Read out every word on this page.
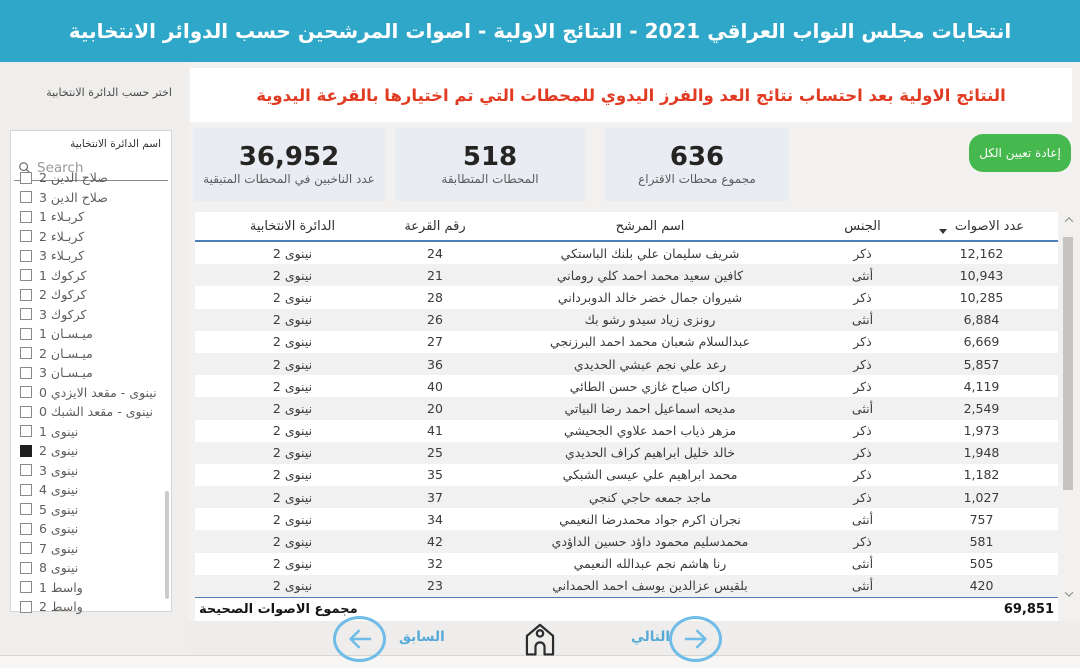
انتخابات مجلس النواب العراقي 2021 - النتائج الاولية - اصوات المرشحين حسب الدوائر الانتخابية
اختر حسب الدائرة الانتخابية
اسم الدائرة الانتخابية
Search
صلاح الدين 2
صلاح الدين 3
كربـلاء 1
كربـلاء 2
كربـلاء 3
كركوك 1
كركوك 2
كركوك 3
ميـسـان 1
ميـسـان 2
ميـسـان 3
نينوى - مقعد الايزدي 0
نينوى - مقعد الشبك 0
نينوى 1
نينوى 2
نينوى 3
نينوى 4
نينوى 5
نينوى 6
نينوى 7
نينوى 8
واسط 1
واسط 2
النتائج الاولية بعد احتساب نتائج العد والفرز اليدوي للمحطات التي تم اختيارها بالقرعة اليدوية
36,952
عدد الناخبين في المحطات المتبقية
518
المحطات المتطابقة
636
مجموع محطات الاقتراع
إعادة تعيين الكل
الدائرة الانتخابية	رقم القرعة	اسم المرشح	الجنس	عدد الاصوات
نينوى 2	24	شريف سليمان علي بلنك الباستكي	ذكر	12,162
نينوى 2	21	كافين سعيد محمد احمد كلي روماني	أنثى	10,943
نينوى 2	28	شيروان جمال خضر خالد الدوبرداني	ذكر	10,285
نينوى 2	26	رونزى زياد سيدو رشو بك	أنثى	6,884
نينوى 2	27	عبدالسلام شعبان محمد احمد البرزنجي	ذكر	6,669
نينوى 2	36	رعد علي نجم عبشي الحديدي	ذكر	5,857
نينوى 2	40	راكان صباح غازي حسن الطائي	ذكر	4,119
نينوى 2	20	مديحه اسماعيل احمد رضا البياتي	أنثى	2,549
نينوى 2	41	مزهر ذياب احمد علاوي الجحيشي	ذكر	1,973
نينوى 2	25	خالد خليل ابراهيم كراف الحديدي	ذكر	1,948
نينوى 2	35	محمد ابراهيم علي عيسى الشبكي	ذكر	1,182
نينوى 2	37	ماجد جمعه حاجي كنجي	ذكر	1,027
نينوى 2	34	نجران اكرم جواد محمدرضا النعيمي	أنثى	757
نينوى 2	42	محمدسليم محمود داؤد حسين الداؤدي	ذكر	581
نينوى 2	32	رنا هاشم نجم عبدالله النعيمي	أنثى	505
نينوى 2	23	بلقيس عزالدين يوسف احمد الحمداني	أنثى	420
مجموع الاصوات الصحيحة	69,851
السابق	التالي
